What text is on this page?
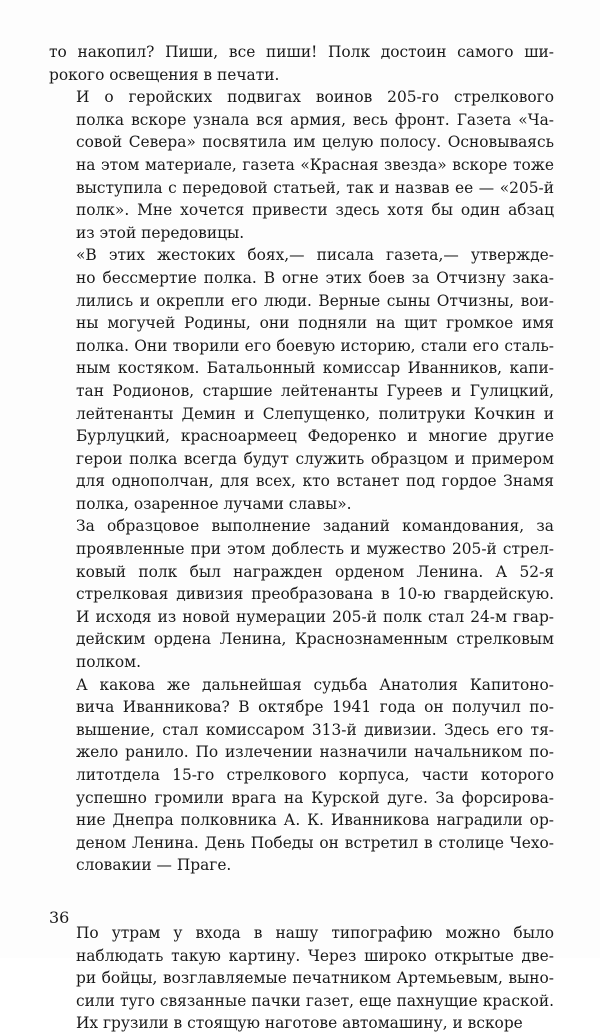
то накопил? Пиши, все пиши! Полк достоин самого ши-
рокого освещения в печати.

И о геройских подвигах воинов 205-го стрелкового
полка вскоре узнала вся армия, весь фронт. Газета «Ча-
совой Севера» посвятила им целую полосу. Основываясь
на этом материале, газета «Красная звезда» вскоре тоже
выступила с передовой статьей, так и назвав ее — «205-й
полк». Мне хочется привести здесь хотя бы один абзац
из этой передовицы.

«В этих жестоких боях,— писала газета,— утвержде-
но бессмертие полка. В огне этих боев за Отчизну зака-
лились и окрепли его люди. Верные сыны Отчизны, вои-
ны могучей Родины, они подняли на щит громкое имя
полка. Они творили его боевую историю, стали его сталь-
ным костяком. Батальонный комиссар Иванников, капи-
тан Родионов, старшие лейтенанты Гуреев и Гулицкий,
лейтенанты Демин и Слепущенко, политруки Кочкин и
Бурлуцкий, красноармеец Федоренко и многие другие
герои полка всегда будут служить образцом и примером
для однополчан, для всех, кто встанет под гордое Знамя
полка, озаренное лучами славы».

За образцовое выполнение заданий командования, за
проявленные при этом доблесть и мужество 205-й стрел-
ковый полк был награжден орденом Ленина. А 52-я
стрелковая дивизия преобразована в 10-ю гвардейскую.
И исходя из новой нумерации 205-й полк стал 24-м гвар-
дейским ордена Ленина, Краснознаменным стрелковым
полком.

А какова же дальнейшая судьба Анатолия Капитоно-
вича Иванникова? В октябре 1941 года он получил по-
вышение, стал комиссаром 313-й дивизии. Здесь его тя-
жело ранило. По излечении назначили начальником по-
литотдела 15-го стрелкового корпуса, части которого
успешно громили врага на Курской дуге. За форсирова-
ние Днепра полковника А. К. Иванникова наградили ор-
деном Ленина. День Победы он встретил в столице Чехо-
словакии — Праге.

По утрам у входа в нашу типографию можно было
наблюдать такую картину. Через широко открытые две-
ри бойцы, возглавляемые печатником Артемьевым, выно-
сили туго связанные пачки газет, еще пахнущие краской.
Их грузили в стоящую наготове автомашину, и вскоре

36
